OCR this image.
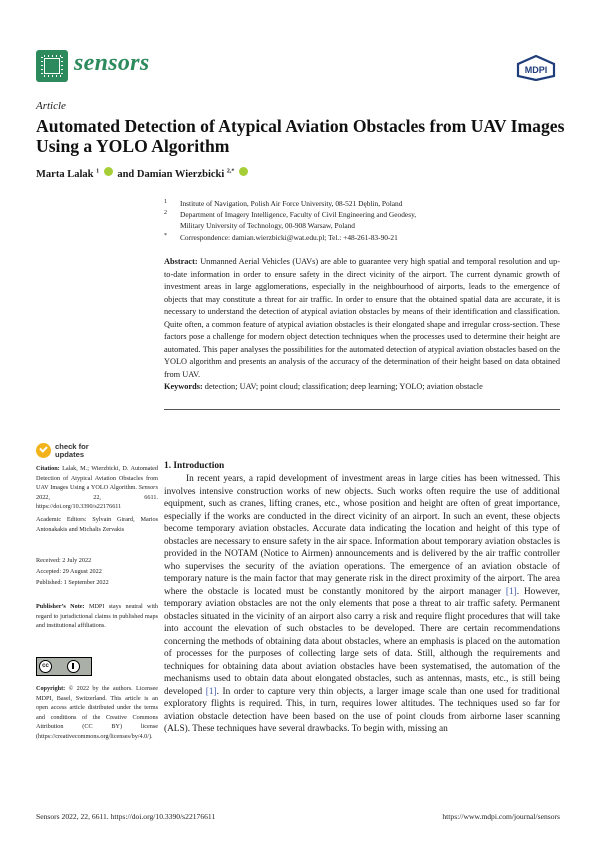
sensors	MDPI
Article
Automated Detection of Atypical Aviation Obstacles from UAV Images Using a YOLO Algorithm
Marta Lalak $^1$ and Damian Wierzbicki $^{2,*}$
1 Institute of Navigation, Polish Air Force University, 08-521 Dęblin, Poland
2 Department of Imagery Intelligence, Faculty of Civil Engineering and Geodesy,
Military University of Technology, 00-908 Warsaw, Poland
* Correspondence: damian.wierzbicki@wat.edu.pl; Tel.: +48-261-83-90-21
Abstract: Unmanned Aerial Vehicles (UAVs) are able to guarantee very high spatial and temporal resolution and up-to-date information in order to ensure safety in the direct vicinity of the airport. The current dynamic growth of investment areas in large agglomerations, especially in the neighbourhood of airports, leads to the emergence of objects that may constitute a threat for air traffic. In order to ensure that the obtained spatial data are accurate, it is necessary to understand the detection of atypical aviation obstacles by means of their identification and classification. Quite often, a common feature of atypical aviation obstacles is their elongated shape and irregular cross-section. These factors pose a challenge for modern object detection techniques when the processes used to determine their height are automated. This paper analyses the possibilities for the automated detection of atypical aviation obstacles based on the YOLO algorithm and presents an analysis of the accuracy of the determination of their height based on data obtained from UAV.
Keywords: detection; UAV; point cloud; classification; deep learning; YOLO; aviation obstacle
check for
updates
Citation: Lalak, M.; Wierzbicki, D. Automated Detection of Atypical Aviation Obstacles from UAV Images Using a YOLO Algorithm. Sensors 2022, 22, 6611. https://doi.org/10.3390/s22176611
Academic Editors: Sylvain Girard, Marios Antonakakis and Michalis Zervakis
Received: 2 July 2022
Accepted: 29 August 2022
Published: 1 September 2022
Publisher’s Note: MDPI stays neutral with regard to jurisdictional claims in published maps and institutional affiliations.
cc
Copyright: © 2022 by the authors. Licensee MDPI, Basel, Switzerland. This article is an open access article distributed under the terms and conditions of the Creative Commons Attribution (CC BY) license (https://creativecommons.org/licenses/by/4.0/).
1. Introduction

In recent years, a rapid development of investment areas in large cities has been witnessed. This involves intensive construction works of new objects. Such works often require the use of additional equipment, such as cranes, lifting cranes, etc., whose position and height are often of great importance, especially if the works are conducted in the direct vicinity of an airport. In such an event, these objects become temporary aviation obstacles. Accurate data indicating the location and height of this type of obstacles are necessary to ensure safety in the air space. Information about temporary aviation obstacles is provided in the NOTAM (Notice to Airmen) announcements and is delivered by the air traffic controller who supervises the security of the aviation operations. The emergence of an aviation obstacle of temporary nature is the main factor that may generate risk in the direct proximity of the airport. The area where the obstacle is located must be constantly monitored by the airport manager [1]. However, temporary aviation obstacles are not the only elements that pose a threat to air traffic safety. Permanent obstacles situated in the vicinity of an airport also carry a risk and require flight procedures that will take into account the elevation of such obstacles to be developed. There are certain recommendations concerning the methods of obtaining data about obstacles, where an emphasis is placed on the automation of processes for the purposes of collecting large sets of data. Still, although the requirements and techniques for obtaining data about aviation obstacles have been systematised, the automation of the mechanisms used to obtain data about elongated obstacles, such as antennas, masts, etc., is still being developed [1]. In order to capture very thin objects, a larger image scale than one used for traditional exploratory flights is required. This, in turn, requires lower altitudes. The techniques used so far for aviation obstacle detection have been based on the use of point clouds from airborne laser scanning (ALS). These techniques have several drawbacks. To begin with, missing an

Sensors 2022, 22, 6611. https://doi.org/10.3390/s22176611	https://www.mdpi.com/journal/sensors
